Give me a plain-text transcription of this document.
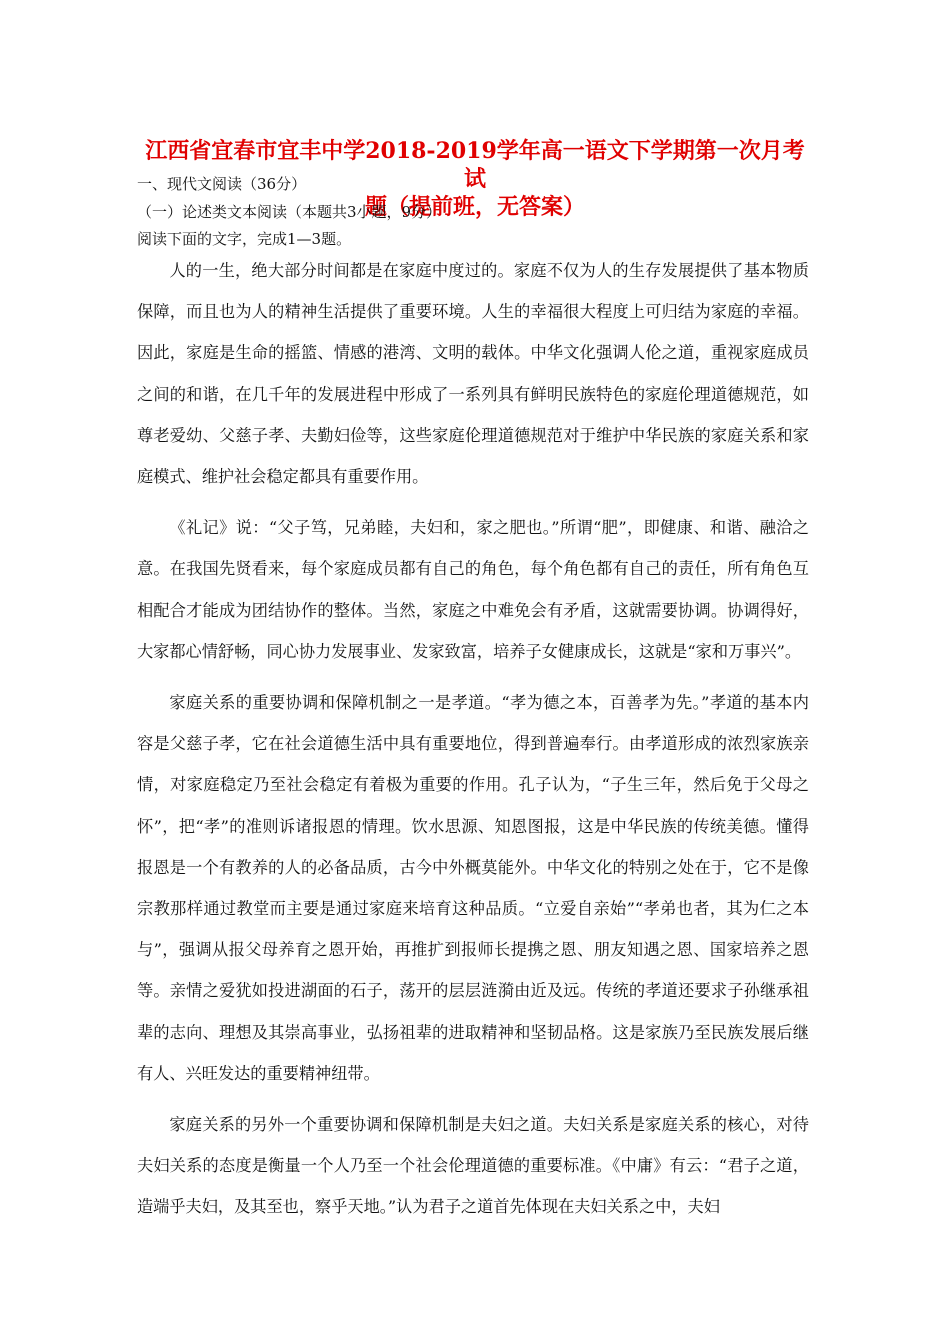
江西省宜春市宜丰中学2018-2019学年高一语文下学期第一次月考试
题（提前班，无答案）
一、现代文阅读（36分）
（一）论述类文本阅读（本题共3小题，9分）
阅读下面的文字，完成1—3题。

人的一生，绝大部分时间都是在家庭中度过的。家庭不仅为人的生存发展提供了基本物质保障，而且也为人的精神生活提供了重要环境。人生的幸福很大程度上可归结为家庭的幸福。因此，家庭是生命的摇篮、情感的港湾、文明的载体。中华文化强调人伦之道，重视家庭成员之间的和谐，在几千年的发展进程中形成了一系列具有鲜明民族特色的家庭伦理道德规范，如尊老爱幼、父慈子孝、夫勤妇俭等，这些家庭伦理道德规范对于维护中华民族的家庭关系和家庭模式、维护社会稳定都具有重要作用。

《礼记》说：“父子笃，兄弟睦，夫妇和，家之肥也。”所谓“肥”，即健康、和谐、融洽之意。在我国先贤看来，每个家庭成员都有自己的角色，每个角色都有自己的责任，所有角色互相配合才能成为团结协作的整体。当然，家庭之中难免会有矛盾，这就需要协调。协调得好，大家都心情舒畅，同心协力发展事业、发家致富，培养子女健康成长，这就是“家和万事兴”。

家庭关系的重要协调和保障机制之一是孝道。“孝为德之本，百善孝为先。”孝道的基本内容是父慈子孝，它在社会道德生活中具有重要地位，得到普遍奉行。由孝道形成的浓烈家族亲情，对家庭稳定乃至社会稳定有着极为重要的作用。孔子认为，“子生三年，然后免于父母之怀”，把“孝”的准则诉诸报恩的情理。饮水思源、知恩图报，这是中华民族的传统美德。懂得报恩是一个有教养的人的必备品质，古今中外概莫能外。中华文化的特别之处在于，它不是像宗教那样通过教堂而主要是通过家庭来培育这种品质。“立爱自亲始”“孝弟也者，其为仁之本与”，强调从报父母养育之恩开始，再推扩到报师长提携之恩、朋友知遇之恩、国家培养之恩等。亲情之爱犹如投进湖面的石子，荡开的层层涟漪由近及远。传统的孝道还要求子孙继承祖辈的志向、理想及其崇高事业，弘扬祖辈的进取精神和坚韧品格。这是家族乃至民族发展后继有人、兴旺发达的重要精神纽带。

家庭关系的另外一个重要协调和保障机制是夫妇之道。夫妇关系是家庭关系的核心，对待夫妇关系的态度是衡量一个人乃至一个社会伦理道德的重要标准。《中庸》有云：“君子之道，造端乎夫妇，及其至也，察乎天地。”认为君子之道首先体现在夫妇关系之中，夫妇
